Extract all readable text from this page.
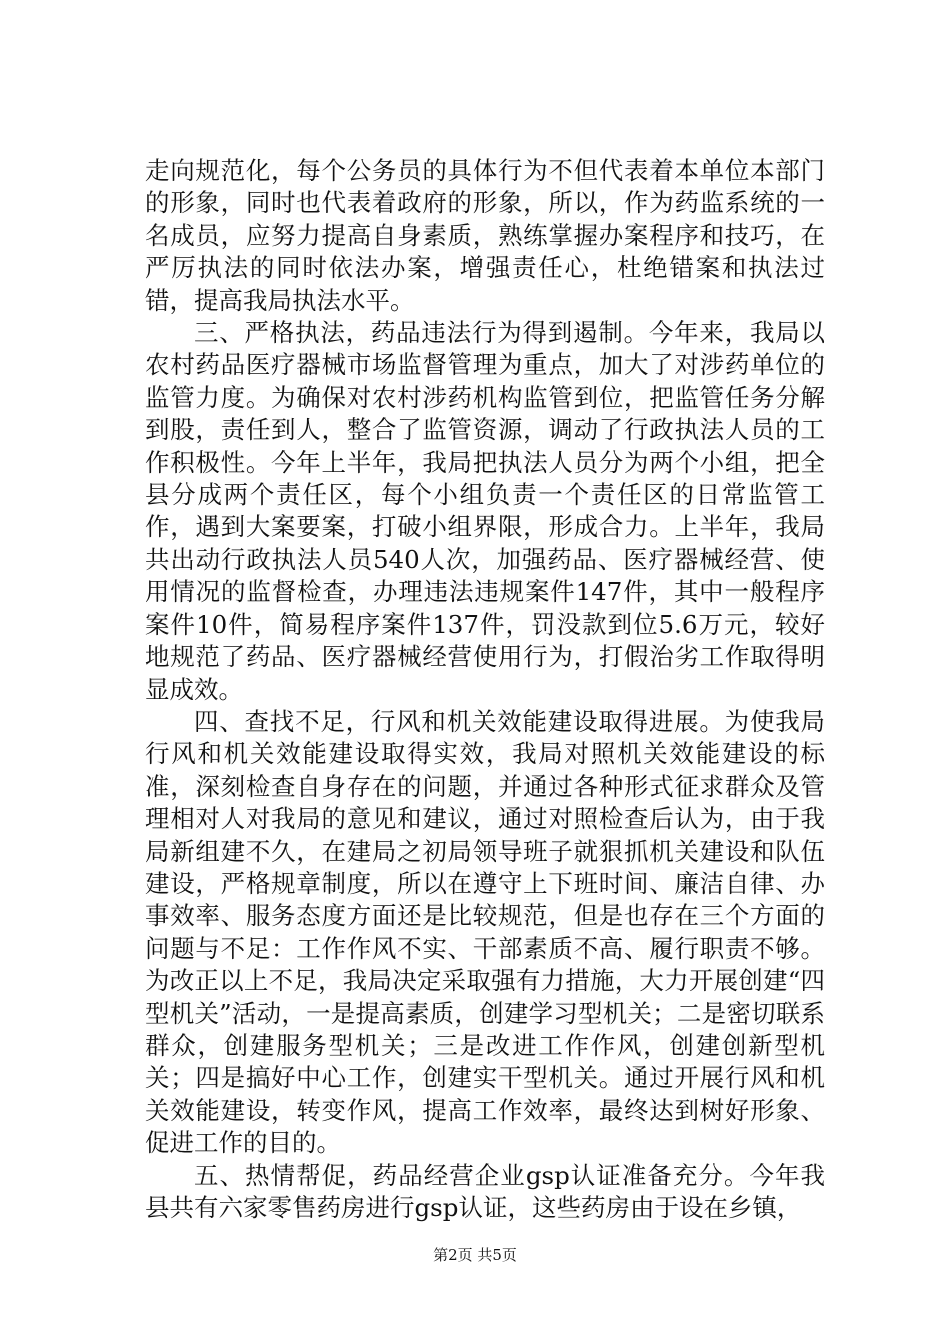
走向规范化，每个公务员的具体行为不但代表着本单位本部门的形象，同时也代表着政府的形象，所以，作为药监系统的一名成员，应努力提高自身素质，熟练掌握办案程序和技巧，在严厉执法的同时依法办案，增强责任心，杜绝错案和执法过错，提高我局执法水平。

三、严格执法，药品违法行为得到遏制。今年来，我局以农村药品医疗器械市场监督管理为重点，加大了对涉药单位的监管力度。为确保对农村涉药机构监管到位，把监管任务分解到股，责任到人，整合了监管资源，调动了行政执法人员的工作积极性。今年上半年，我局把执法人员分为两个小组，把全县分成两个责任区，每个小组负责一个责任区的日常监管工作，遇到大案要案，打破小组界限，形成合力。上半年，我局共出动行政执法人员540人次，加强药品、医疗器械经营、使用情况的监督检查，办理违法违规案件147件，其中一般程序案件10件，简易程序案件137件，罚没款到位5.6万元，较好地规范了药品、医疗器械经营使用行为，打假治劣工作取得明显成效。

四、查找不足，行风和机关效能建设取得进展。为使我局行风和机关效能建设取得实效，我局对照机关效能建设的标准，深刻检查自身存在的问题，并通过各种形式征求群众及管理相对人对我局的意见和建议，通过对照检查后认为，由于我局新组建不久，在建局之初局领导班子就狠抓机关建设和队伍建设，严格规章制度，所以在遵守上下班时间、廉洁自律、办事效率、服务态度方面还是比较规范，但是也存在三个方面的问题与不足：工作作风不实、干部素质不高、履行职责不够。为改正以上不足，我局决定采取强有力措施，大力开展创建“四型机关”活动，一是提高素质，创建学习型机关；二是密切联系群众，创建服务型机关；三是改进工作作风，创建创新型机关；四是搞好中心工作，创建实干型机关。通过开展行风和机关效能建设，转变作风，提高工作效率，最终达到树好形象、促进工作的目的。

五、热情帮促，药品经营企业gsp认证准备充分。今年我县共有六家零售药房进行gsp认证，这些药房由于设在乡镇，

第2页 共5页
